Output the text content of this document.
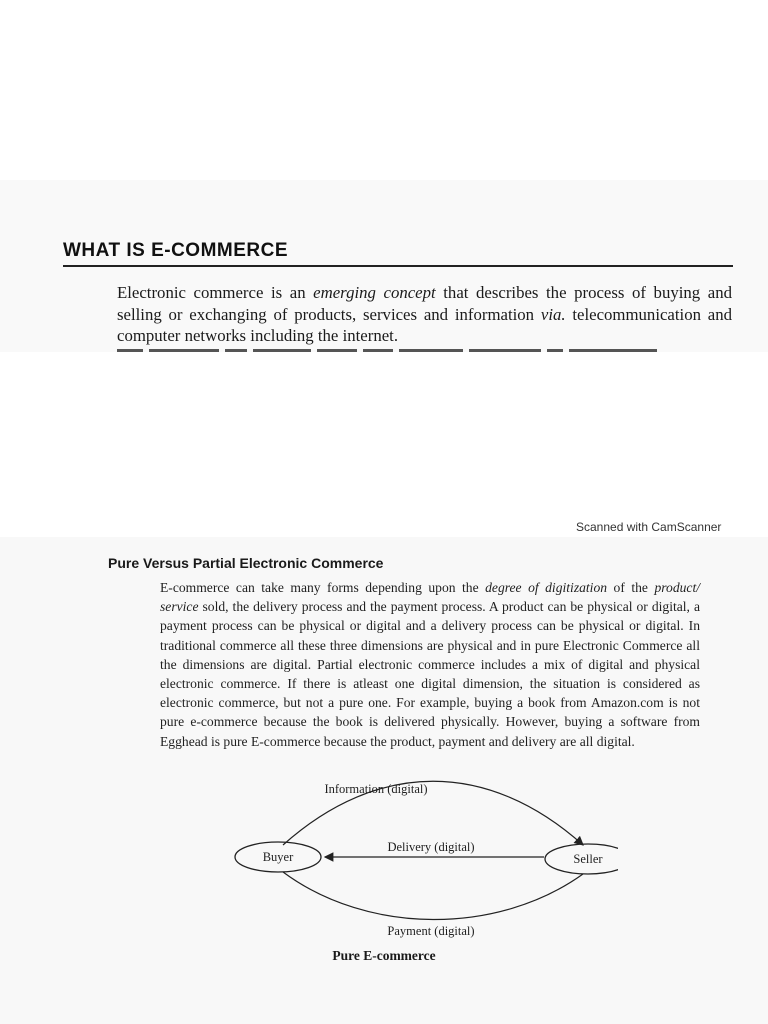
WHAT IS E-COMMERCE

Electronic commerce is an emerging concept that describes the process of buying and selling or exchanging of products, services and information via. telecommunication and computer networks including the internet.

Scanned with CamScanner
Pure Versus Partial Electronic Commerce

E-commerce can take many forms depending upon the degree of digitization of the product/ service sold, the delivery process and the payment process. A product can be physical or digital, a payment process can be physical or digital and a delivery process can be physical or digital. In traditional commerce all these three dimensions are physical and in pure Electronic Commerce all the dimensions are digital. Partial electronic commerce includes a mix of digital and physical electronic commerce. If there is atleast one digital dimension, the situation is considered as electronic commerce, but not a pure one. For example, buying a book from Amazon.com is not pure e-commerce because the book is delivered physically. However, buying a software from Egghead is pure E-commerce because the product, payment and delivery are all digital.

Information (digital)
Delivery (digital)
Buyer	Seller
Payment (digital)
Pure E-commerce
